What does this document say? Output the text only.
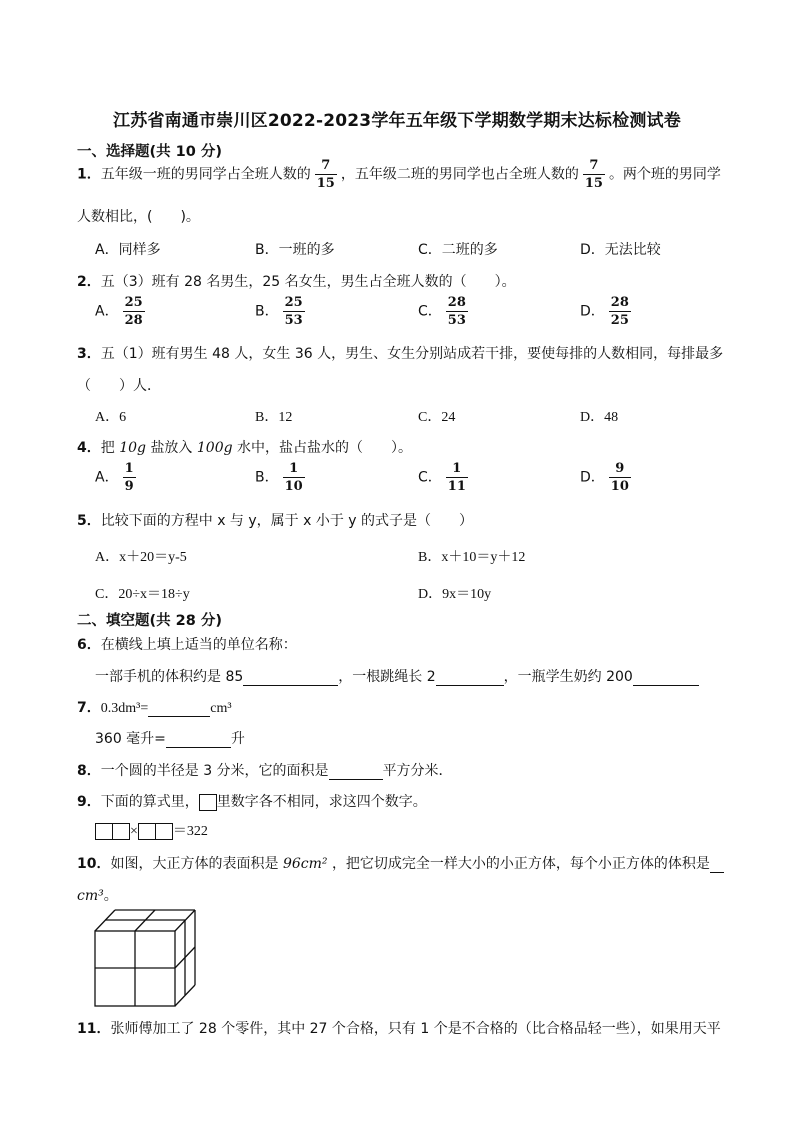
江苏省南通市崇川区2022-2023学年五年级下学期数学期末达标检测试卷
一、选择题(共 10 分)
1．五年级一班的男同学占全班人数的 $\frac{7}{15}$ ，五年级二班的男同学也占全班人数的 $\frac{7}{15}$ 。两个班的男同学
人数相比，(　　)。
A．同样多	B．一班的多	C．二班的多	D．无法比较
2．五（3）班有 28 名男生，25 名女生，男生占全班人数的（　　）。
A． $\frac{25}{28}$	B． $\frac{25}{53}$	C． $\frac{28}{53}$	D． $\frac{28}{25}$
3．五（1）班有男生 48 人，女生 36 人，男生、女生分别站成若干排，要使每排的人数相同，每排最多
（　　）人．
A．6	B．12	C．24	D．48
4．把 10g 盐放入 100g 水中，盐占盐水的（　　）。
A． $\frac{1}{9}$	B． $\frac{1}{10}$	C． $\frac{1}{11}$	D． $\frac{9}{10}$
5．比较下面的方程中 x 与 y，属于 x 小于 y 的式子是（　　）
A．x＋20＝y-5	B．x＋10＝y＋12
C．20÷x＝18÷y	D．9x＝10y
二、填空题(共 28 分)
6．在横线上填上适当的单位名称：
一部手机的体积约是 85	，一根跳绳长 2	，一瓶学生奶约 200
7．0.3dm³=	cm³
360 毫升=	升
8．一个圆的半径是 3 分米，它的面积是	平方分米．
9．下面的算式里， 里数字各不相同，求这四个数字。
×	＝322
10．如图，大正方体的表面积是 96cm² ，把它切成完全一样大小的小正方体，每个小正方体的体积是
cm³。
11．张师傅加工了 28 个零件，其中 27 个合格，只有 1 个是不合格的（比合格品轻一些），如果用天平
